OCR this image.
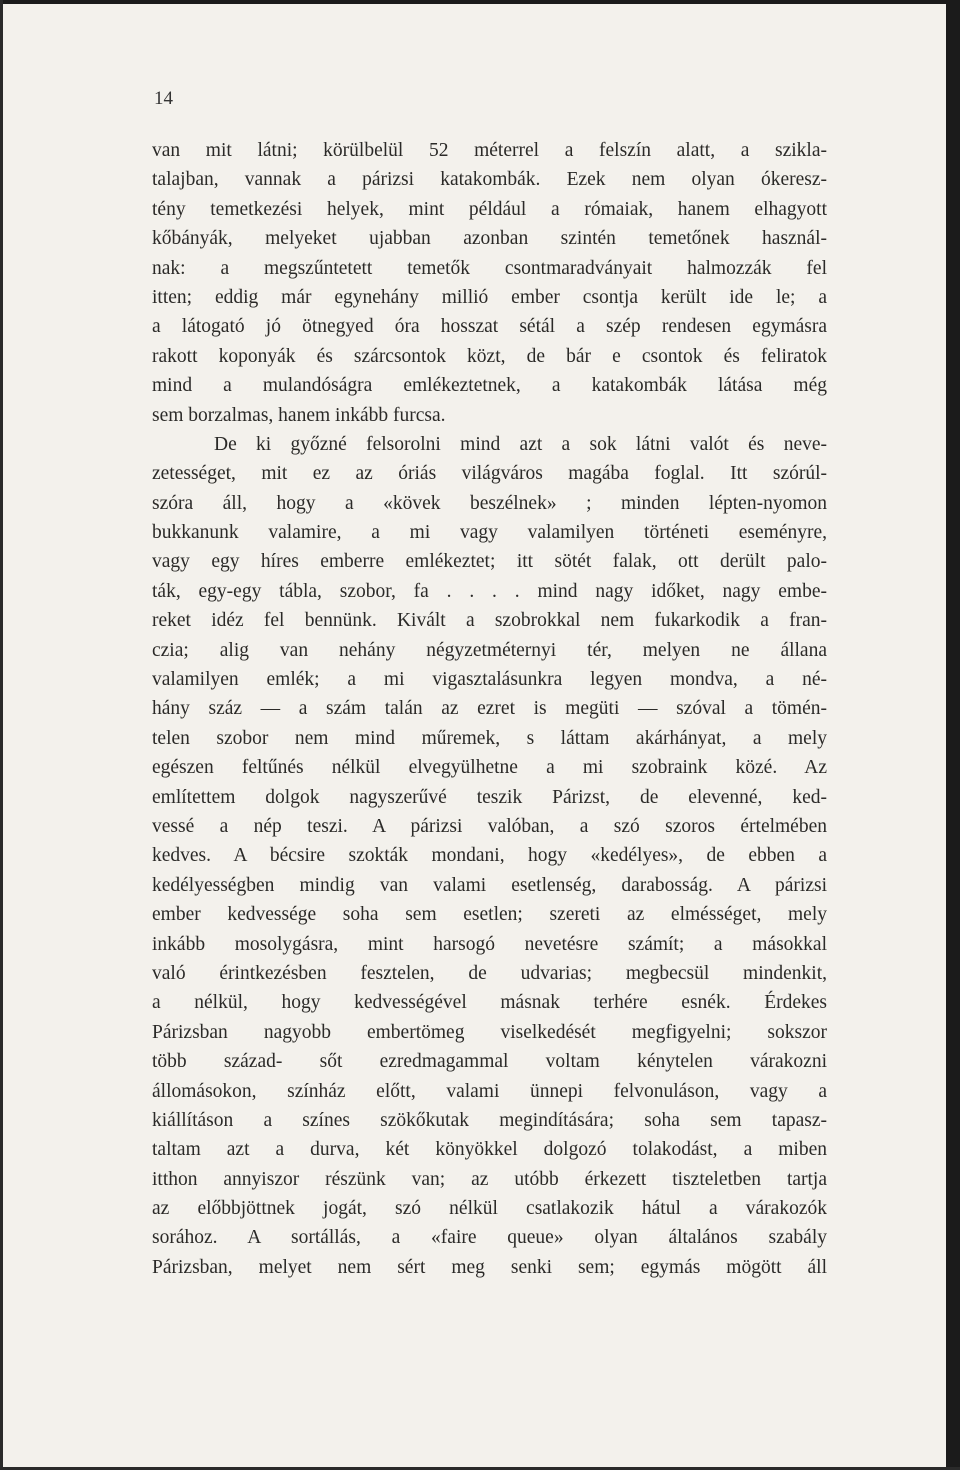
14
van mit látni; körülbelül 52 méterrel a felszín alatt, a szikla-
talajban, vannak a párizsi katakombák. Ezek nem olyan ókeresz-
tény temetkezési helyek, mint például a rómaiak, hanem elhagyott
kőbányák, melyeket ujabban azonban szintén temetőnek használ-
nak: a megszűntetett temetők csontmaradványait halmozzák fel
itten; eddig már egynehány millió ember csontja került ide le; a
a látogató jó ötnegyed óra hosszat sétál a szép rendesen egymásra
rakott koponyák és szárcsontok közt, de bár e csontok és feliratok
mind a mulandóságra emlékeztetnek, a katakombák látása még
sem borzalmas, hanem inkább furcsa.
De ki győzné felsorolni mind azt a sok látni valót és neve-
zetességet, mit ez az óriás világváros magába foglal. Itt szórúl-
szóra áll, hogy a «kövek beszélnek» ; minden lépten-nyomon
bukkanunk valamire, a mi vagy valamilyen történeti eseményre,
vagy egy híres emberre emlékeztet; itt sötét falak, ott derült palo-
ták, egy-egy tábla, szobor, fa . . . . mind nagy időket, nagy embe-
reket idéz fel bennünk. Kivált a szobrokkal nem fukarkodik a fran-
czia; alig van nehány négyzetméternyi tér, melyen ne állana
valamilyen emlék; a mi vigasztalásunkra legyen mondva, a né-
hány száz — a szám talán az ezret is megüti — szóval a tömén-
telen szobor nem mind műremek, s láttam akárhányat, a mely
egészen feltűnés nélkül elvegyülhetne a mi szobraink közé. Az
említettem dolgok nagyszerűvé teszik Párizst, de elevenné, ked-
vessé a nép teszi. A párizsi valóban, a szó szoros értelmében
kedves. A bécsire szokták mondani, hogy «kedélyes», de ebben a
kedélyességben mindig van valami esetlenség, darabosság. A párizsi
ember kedvessége soha sem esetlen; szereti az elmésséget, mely
inkább mosolygásra, mint harsogó nevetésre számít; a másokkal
való érintkezésben fesztelen, de udvarias; megbecsül mindenkit,
a nélkül, hogy kedvességével másnak terhére esnék. Érdekes
Párizsban nagyobb embertömeg viselkedését megfigyelni; sokszor
több század- sőt ezredmagammal voltam kénytelen várakozni
állomásokon, színház előtt, valami ünnepi felvonuláson, vagy a
kiállításon a színes szökőkutak megindítására; soha sem tapasz-
taltam azt a durva, két könyökkel dolgozó tolakodást, a miben
itthon annyiszor részünk van; az utóbb érkezett tiszteletben tartja
az előbbjöttnek jogát, szó nélkül csatlakozik hátul a várakozók
sorához. A sortállás, a «faire queue» olyan általános szabály
Párizsban, melyet nem sért meg senki sem; egymás mögött áll
